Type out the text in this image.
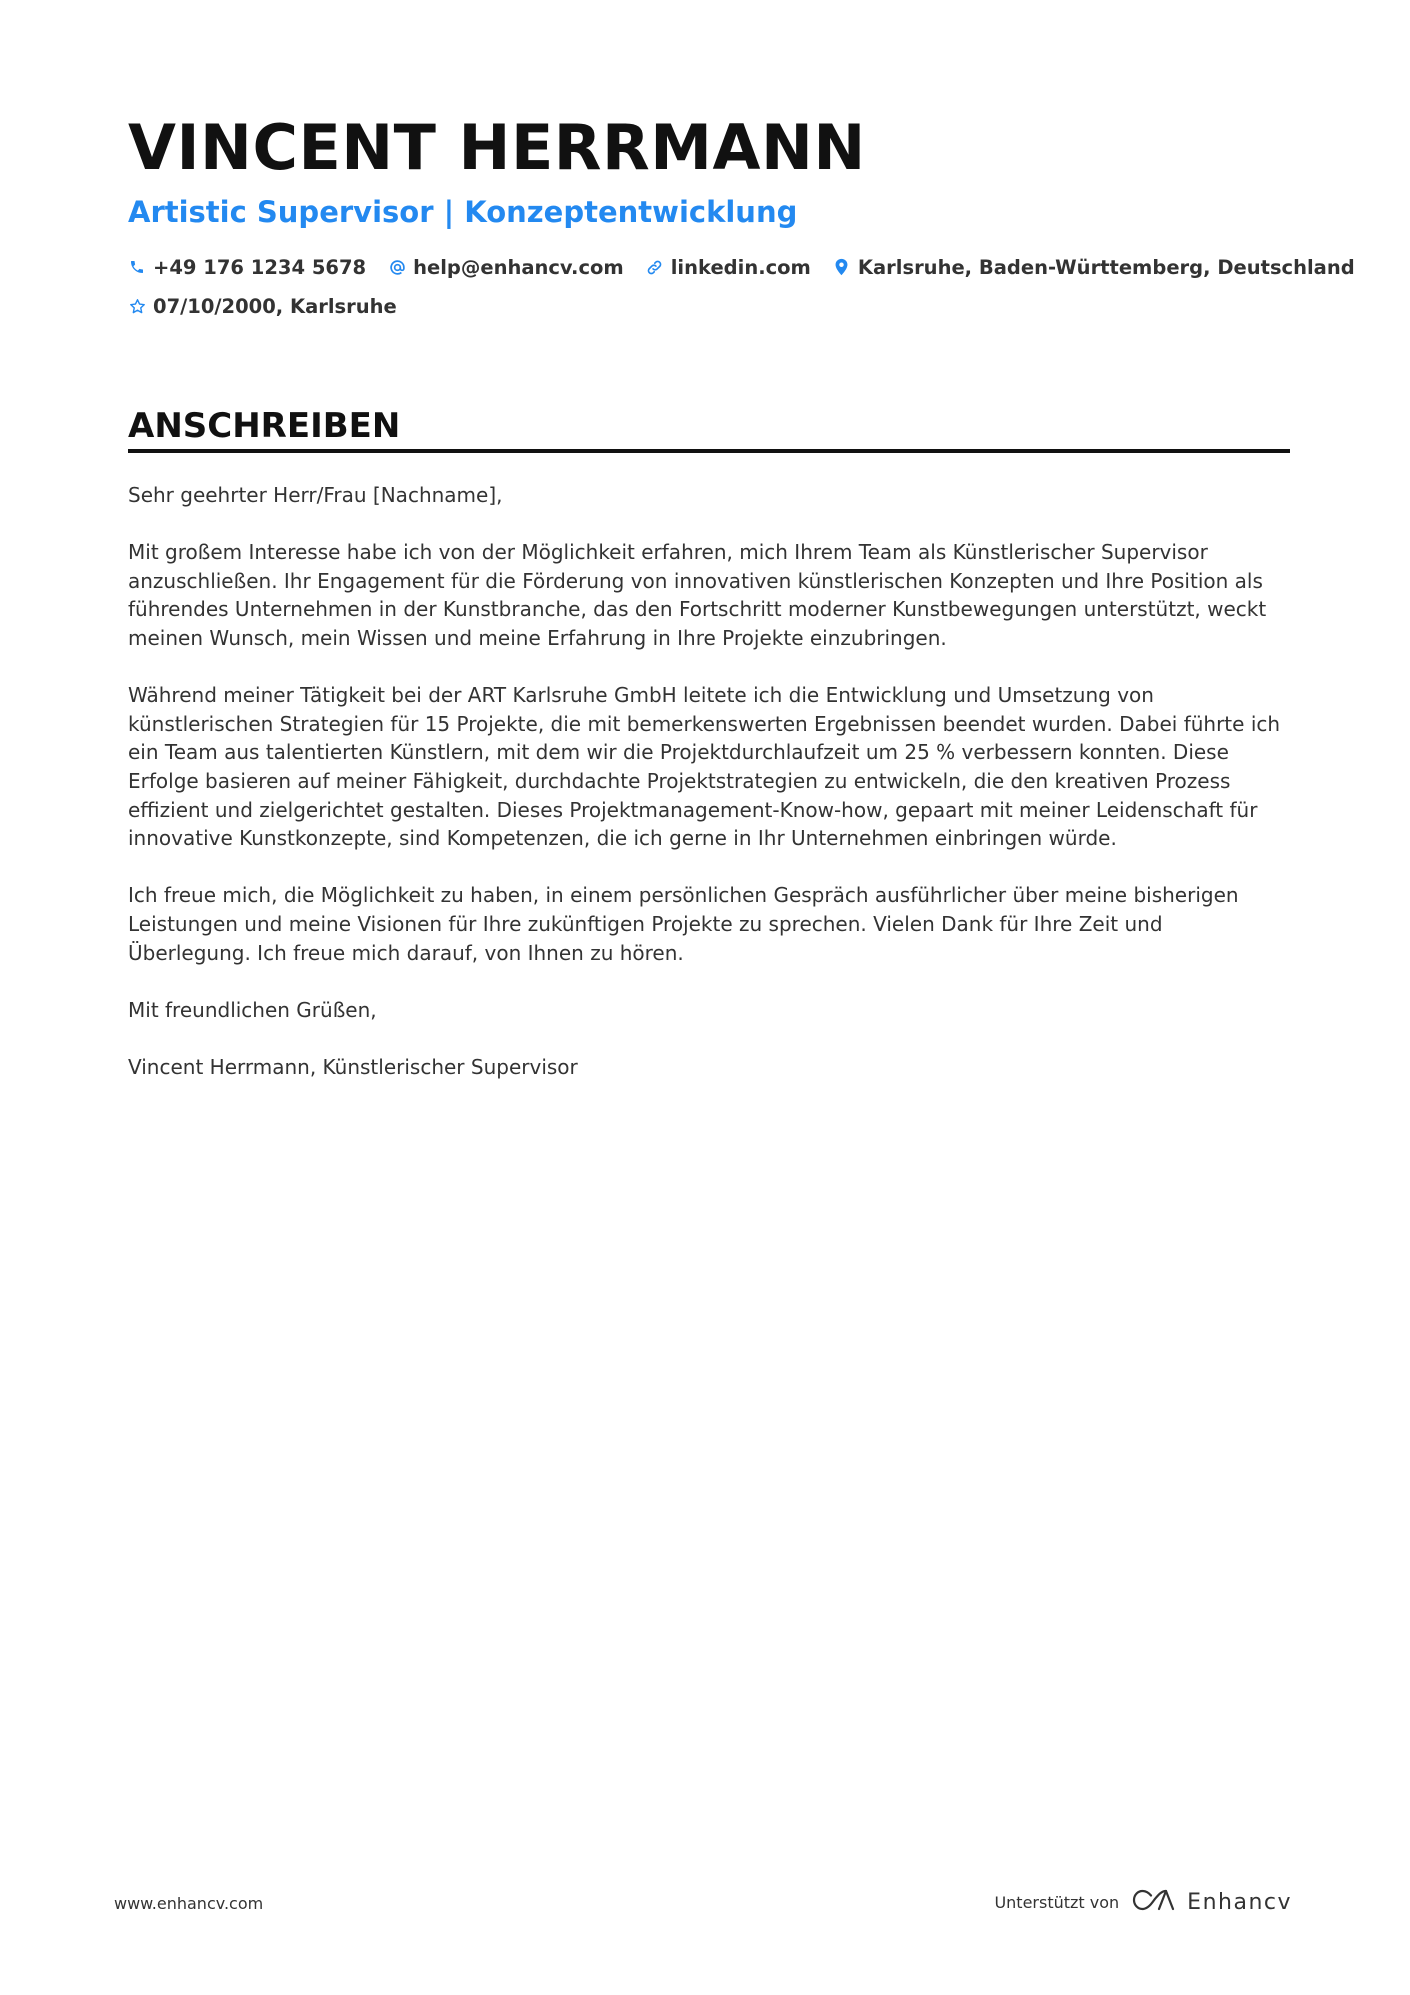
VINCENT HERRMANN
Artistic Supervisor | Konzeptentwicklung
+49 176 1234 5678 help@enhancv.com linkedin.com Karlsruhe, Baden-Württemberg, Deutschland
07/10/2000, Karlsruhe
ANSCHREIBEN

Sehr geehrter Herr/Frau [Nachname],

Mit großem Interesse habe ich von der Möglichkeit erfahren, mich Ihrem Team als Künstlerischer Supervisor anzuschließen. Ihr Engagement für die Förderung von innovativen künstlerischen Konzepten und Ihre Position als führendes Unternehmen in der Kunstbranche, das den Fortschritt moderner Kunstbewegungen unterstützt, weckt meinen Wunsch, mein Wissen und meine Erfahrung in Ihre Projekte einzubringen.

Während meiner Tätigkeit bei der ART Karlsruhe GmbH leitete ich die Entwicklung und Umsetzung von künstlerischen Strategien für 15 Projekte, die mit bemerkenswerten Ergebnissen beendet wurden. Dabei führte ich ein Team aus talentierten Künstlern, mit dem wir die Projektdurchlaufzeit um 25 % verbessern konnten. Diese Erfolge basieren auf meiner Fähigkeit, durchdachte Projektstrategien zu entwickeln, die den kreativen Prozess effizient und zielgerichtet gestalten. Dieses Projektmanagement-Know-how, gepaart mit meiner Leidenschaft für innovative Kunstkonzepte, sind Kompetenzen, die ich gerne in Ihr Unternehmen einbringen würde.

Ich freue mich, die Möglichkeit zu haben, in einem persönlichen Gespräch ausführlicher über meine bisherigen Leistungen und meine Visionen für Ihre zukünftigen Projekte zu sprechen. Vielen Dank für Ihre Zeit und Überlegung. Ich freue mich darauf, von Ihnen zu hören.

Mit freundlichen Grüßen,

Vincent Herrmann, Künstlerischer Supervisor

www.enhancv.com	Unterstützt von	Enhancv
